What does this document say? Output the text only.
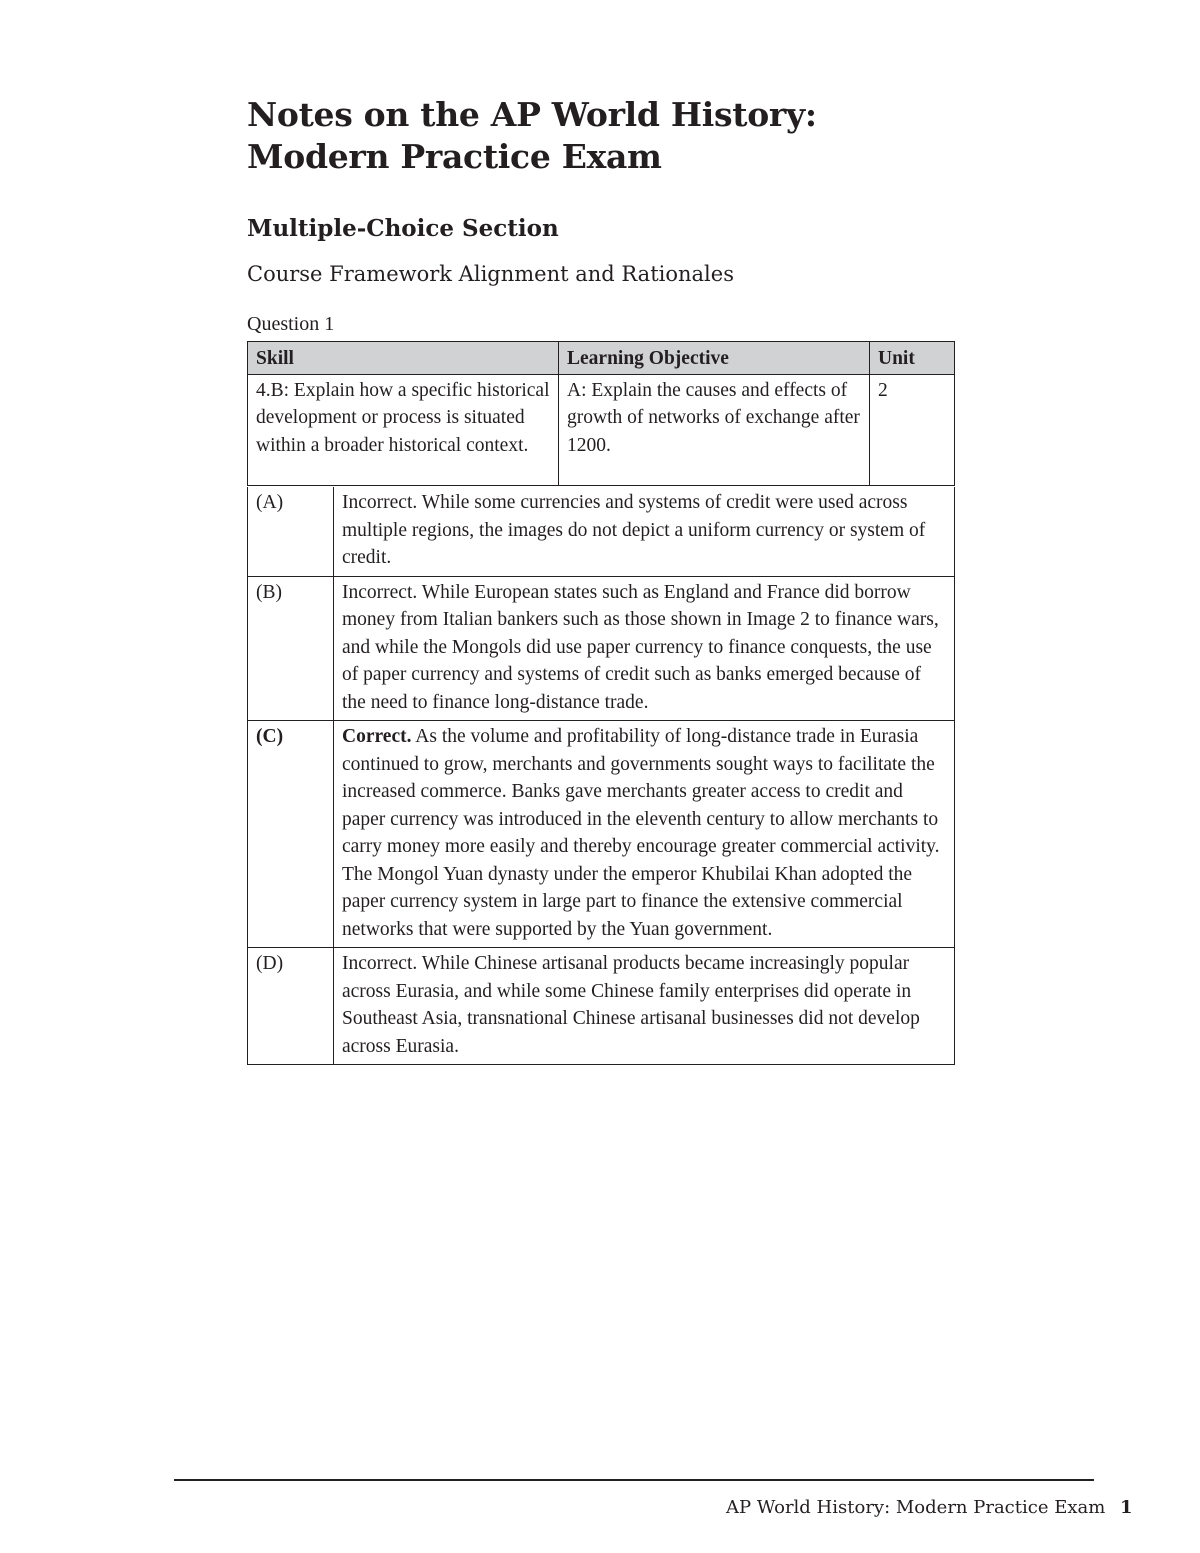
Notes on the AP World History: Modern Practice Exam
Multiple-Choice Section

Course Framework Alignment and Rationales

Question 1

Skill	Learning Objective	Unit
4.B: Explain how a specific historical development or process is situated within a broader historical context.	A: Explain the causes and effects of growth of networks of exchange after 1200.	2
(A)	Incorrect. While some currencies and systems of credit were used across multiple regions, the images do not depict a uniform currency or system of credit.
(B)	Incorrect. While European states such as England and France did borrow money from Italian bankers such as those shown in Image 2 to finance wars, and while the Mongols did use paper currency to finance conquests, the use of paper currency and systems of credit such as banks emerged because of the need to finance long-distance trade.
(C)	Correct. As the volume and profitability of long-distance trade in Eurasia continued to grow, merchants and governments sought ways to facilitate the increased commerce. Banks gave merchants greater access to credit and paper currency was introduced in the eleventh century to allow merchants to carry money more easily and thereby encourage greater commercial activity. The Mongol Yuan dynasty under the emperor Khubilai Khan adopted the paper currency system in large part to finance the extensive commercial networks that were supported by the Yuan government.
(D)	Incorrect. While Chinese artisanal products became increasingly popular across Eurasia, and while some Chinese family enterprises did operate in Southeast Asia, transnational Chinese artisanal businesses did not develop across Eurasia.

AP World History: Modern Practice Exam 1
